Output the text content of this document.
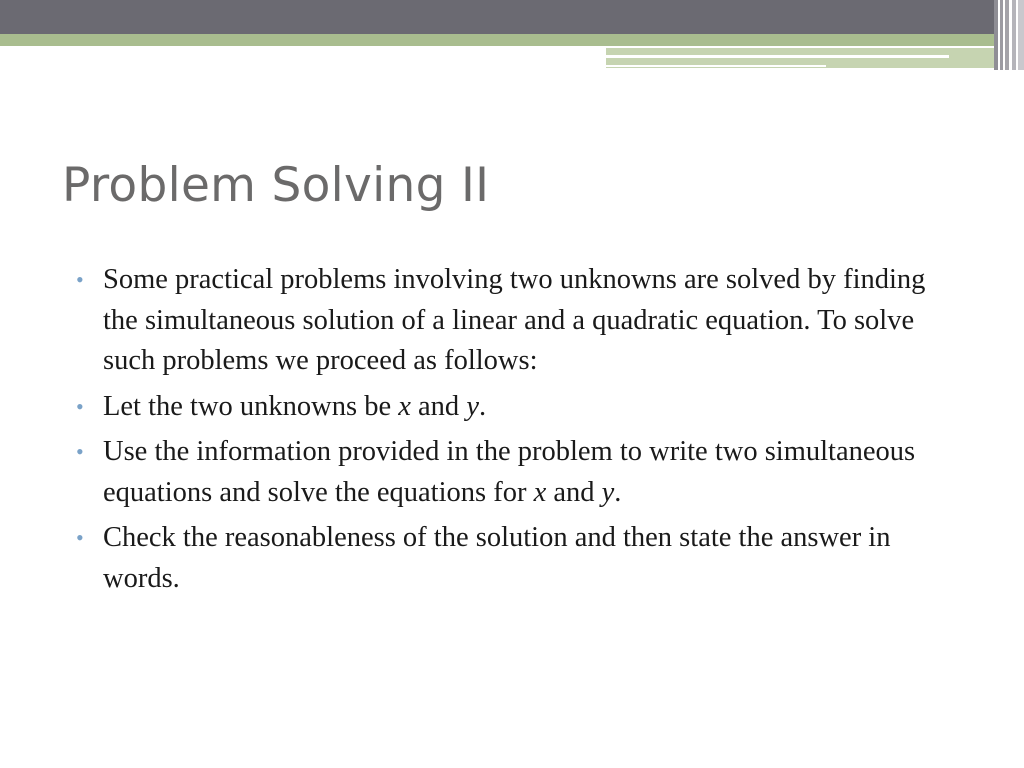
Problem Solving II
• Some practical problems involving two unknowns are solved by finding the simultaneous solution of a linear and a quadratic equation. To solve such problems we proceed as follows:
• Let the two unknowns be x and y.
• Use the information provided in the problem to write two simultaneous equations and solve the equations for x and y.
• Check the reasonableness of the solution and then state the answer in words.
